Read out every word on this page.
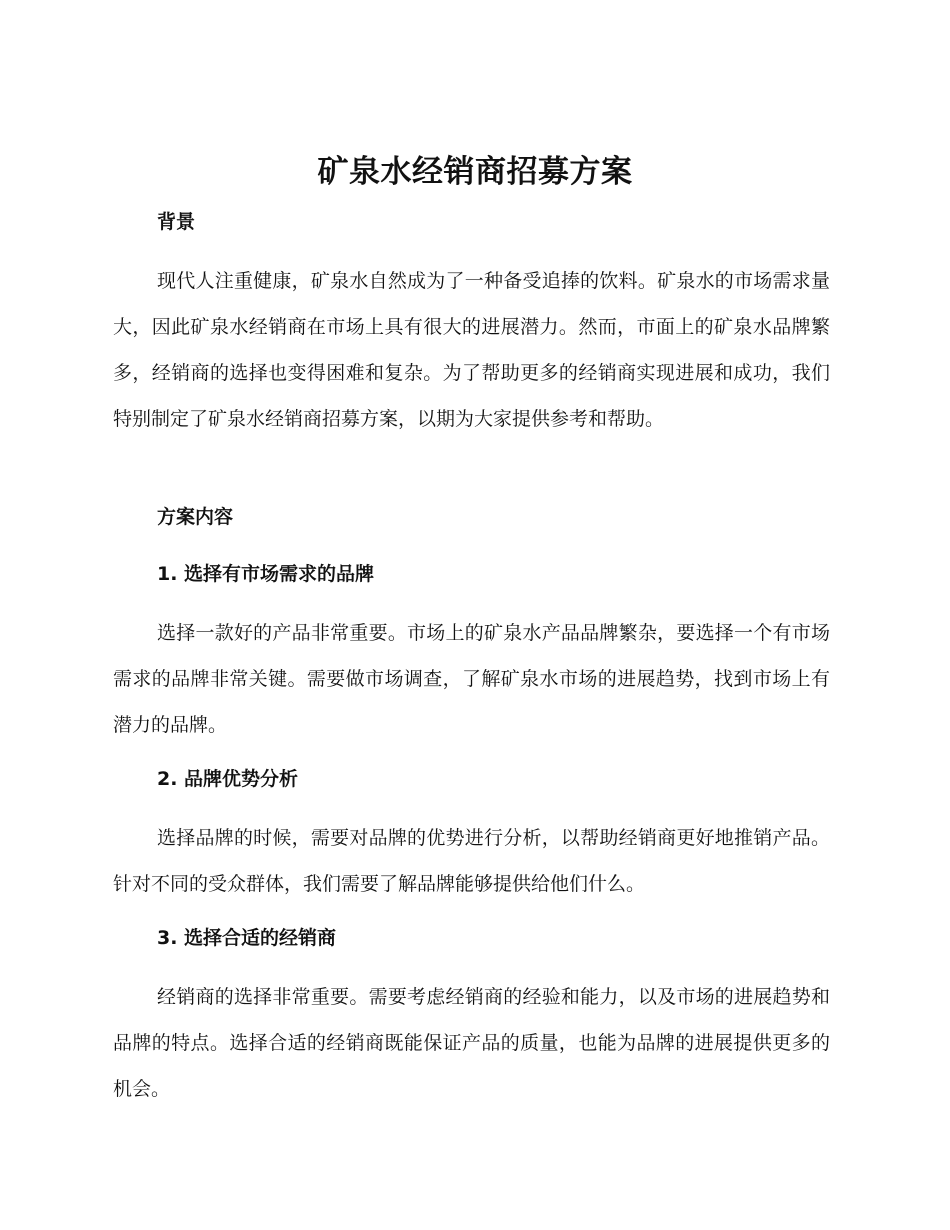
矿泉水经销商招募方案
背景

现代人注重健康，矿泉水自然成为了一种备受追捧的饮料。矿泉水的市场需求量大，因此矿泉水经销商在市场上具有很大的进展潜力。然而，市面上的矿泉水品牌繁多，经销商的选择也变得困难和复杂。为了帮助更多的经销商实现进展和成功，我们特别制定了矿泉水经销商招募方案，以期为大家提供参考和帮助。

方案内容
1. 选择有市场需求的品牌

选择一款好的产品非常重要。市场上的矿泉水产品品牌繁杂，要选择一个有市场需求的品牌非常关键。需要做市场调查，了解矿泉水市场的进展趋势，找到市场上有潜力的品牌。

2. 品牌优势分析

选择品牌的时候，需要对品牌的优势进行分析，以帮助经销商更好地推销产品。针对不同的受众群体，我们需要了解品牌能够提供给他们什么。

3. 选择合适的经销商

经销商的选择非常重要。需要考虑经销商的经验和能力，以及市场的进展趋势和品牌的特点。选择合适的经销商既能保证产品的质量，也能为品牌的进展提供更多的机会。
